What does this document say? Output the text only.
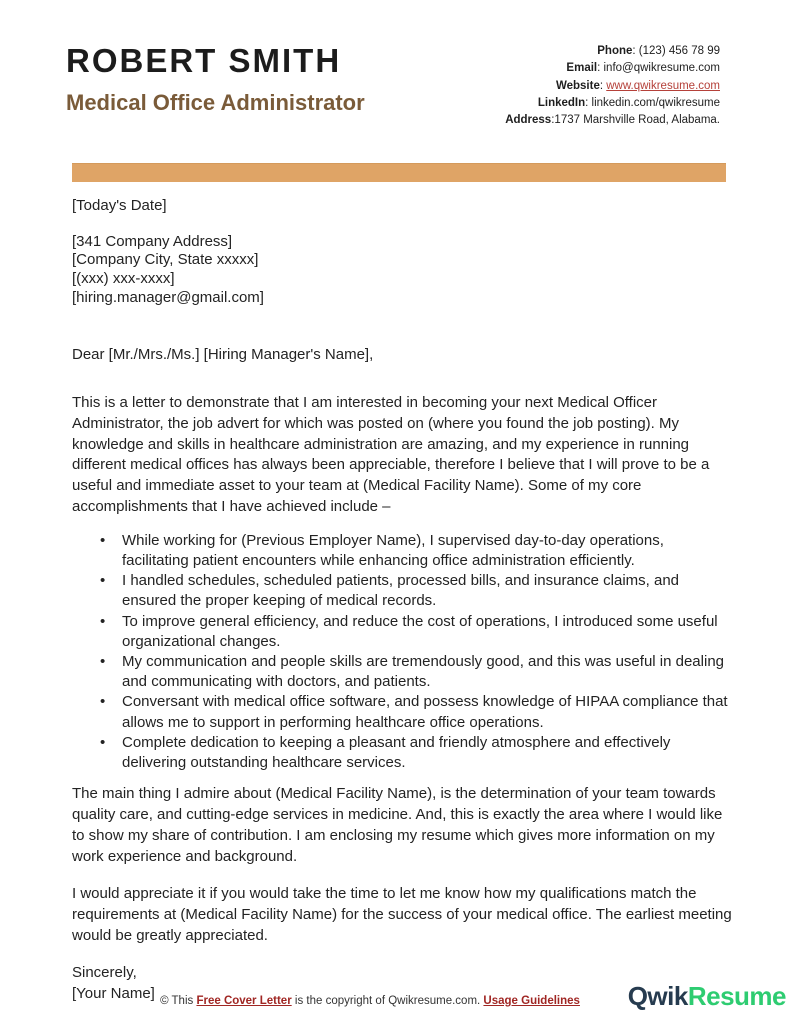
ROBERT SMITH
Medical Office Administrator
Phone: (123) 456 78 99
Email: info@qwikresume.com
Website: www.qwikresume.com
LinkedIn: linkedin.com/qwikresume
Address:1737 Marshville Road, Alabama.
[Today's Date]
[341 Company Address]
[Company City, State xxxxx]
[(xxx) xxx-xxxx]
[hiring.manager@gmail.com]
Dear [Mr./Mrs./Ms.] [Hiring Manager's Name],

This is a letter to demonstrate that I am interested in becoming your next Medical Officer Administrator, the job advert for which was posted on (where you found the job posting). My knowledge and skills in healthcare administration are amazing, and my experience in running different medical offices has always been appreciable, therefore I believe that I will prove to be a useful and immediate asset to your team at (Medical Facility Name). Some of my core accomplishments that I have achieved include –

• While working for (Previous Employer Name), I supervised day-to-day operations, facilitating patient encounters while enhancing office administration efficiently.
• I handled schedules, scheduled patients, processed bills, and insurance claims, and ensured the proper keeping of medical records.
• To improve general efficiency, and reduce the cost of operations, I introduced some useful organizational changes.
• My communication and people skills are tremendously good, and this was useful in dealing and communicating with doctors, and patients.
• Conversant with medical office software, and possess knowledge of HIPAA compliance that allows me to support in performing healthcare office operations.
• Complete dedication to keeping a pleasant and friendly atmosphere and effectively delivering outstanding healthcare services.

The main thing I admire about (Medical Facility Name), is the determination of your team towards quality care, and cutting-edge services in medicine. And, this is exactly the area where I would like to show my share of contribution. I am enclosing my resume which gives more information on my work experience and background.

I would appreciate it if you would take the time to let me know how my qualifications match the requirements at (Medical Facility Name) for the success of your medical office. The earliest meeting would be greatly appreciated.

Sincerely,
[Your Name] © This Free Cover Letter is the copyright of Qwikresume.com. Usage Guidelines	QwikResume
